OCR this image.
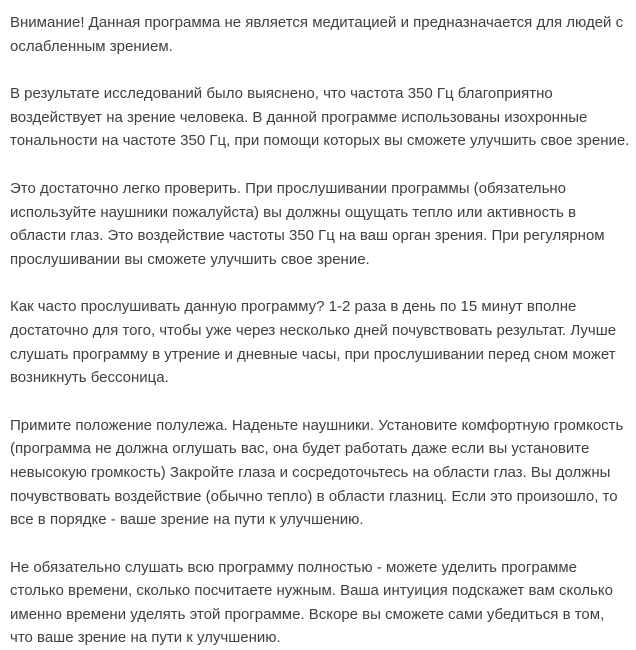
Внимание! Данная программа не является медитацией и предназначается для людей с ослабленным зрением.

В результате исследований было выяснено, что частота 350 Гц благоприятно воздействует на зрение человека. В данной программе использованы изохронные тональности на частоте 350 Гц, при помощи которых вы сможете улучшить свое зрение.

Это достаточно легко проверить. При прослушивании программы (обязательно используйте наушники пожалуйста) вы должны ощущать тепло или активность в области глаз. Это воздействие частоты 350 Гц на ваш орган зрения. При регулярном прослушивании вы сможете улучшить свое зрение.

Как часто прослушивать данную программу? 1-2 раза в день по 15 минут вполне достаточно для того, чтобы уже через несколько дней почувствовать результат. Лучше слушать программу в утрение и дневные часы, при прослушивании перед сном может возникнуть бессоница.

Примите положение полулежа. Наденьте наушники. Установите комфортную громкость (программа не должна оглушать вас, она будет работать даже если вы установите невысокую громкость) Закройте глаза и сосредоточьтесь на области глаз. Вы должны почувствовать воздействие (обычно тепло) в области глазниц. Если это произошло, то все в порядке - ваше зрение на пути к улучшению.

Не обязательно слушать всю программу полностью - можете уделить программе столько времени, сколько посчитаете нужным. Ваша интуиция подскажет вам сколько именно времени уделять этой программе. Вскоре вы сможете сами убедиться в том, что ваше зрение на пути к улучшению.
